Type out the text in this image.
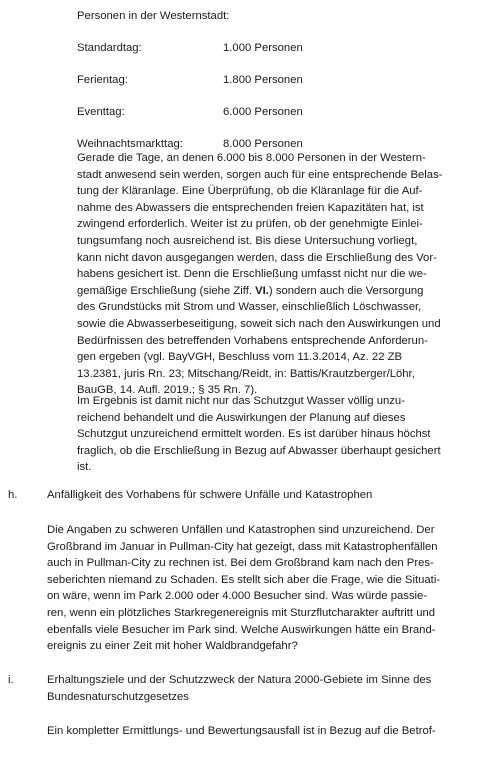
Personen in der Westernstadt:
Standardtag:	1.000 Personen
Ferientag:	1.800 Personen
Eventtag:	6.000 Personen
Weihnachtsmarkttag:	8.000 Personen
Gerade die Tage, an denen 6.000 bis 8.000 Personen in der Western-
stadt anwesend sein werden, sorgen auch für eine entsprechende Belas-
tung der Kläranlage. Eine Überprüfung, ob die Kläranlage für die Auf-
nahme des Abwassers die entsprechenden freien Kapazitäten hat, ist
zwingend erforderlich. Weiter ist zu prüfen, ob der genehmigte Einlei-
tungsumfang noch ausreichend ist. Bis diese Untersuchung vorliegt,
kann nicht davon ausgegangen werden, dass die Erschließung des Vor-
habens gesichert ist. Denn die Erschließung umfasst nicht nur die we-
gemäßige Erschließung (siehe Ziff. VI.) sondern auch die Versorgung
des Grundstücks mit Strom und Wasser, einschließlich Löschwasser,
sowie die Abwasserbeseitigung, soweit sich nach den Auswirkungen und
Bedürfnissen des betreffenden Vorhabens entsprechende Anforderun-
gen ergeben (vgl. BayVGH, Beschluss vom 11.3.2014, Az. 22 ZB
13.2381, juris Rn. 23; Mitschang/Reidt, in: Battis/Krautzberger/Löhr,
BauGB, 14. Aufl. 2019.; § 35 Rn. 7).
Im Ergebnis ist damit nicht nur das Schutzgut Wasser völlig unzu-
reichend behandelt und die Auswirkungen der Planung auf dieses
Schutzgut unzureichend ermittelt worden. Es ist darüber hinaus höchst
fraglich, ob die Erschließung in Bezug auf Abwasser überhaupt gesichert
ist.
h.	Anfälligkeit des Vorhabens für schwere Unfälle und Katastrophen
Die Angaben zu schweren Unfällen und Katastrophen sind unzureichend. Der
Großbrand im Januar in Pullman-City hat gezeigt, dass mit Katastrophenfällen
auch in Pullman-City zu rechnen ist. Bei dem Großbrand kam nach den Pres-
seberichten niemand zu Schaden. Es stellt sich aber die Frage, wie die Situati-
on wäre, wenn im Park 2.000 oder 4.000 Besucher sind. Was würde passie-
ren, wenn ein plötzliches Starkregenereignis mit Sturzflutcharakter auftritt und
ebenfalls viele Besucher im Park sind. Welche Auswirkungen hätte ein Brand-
ereignis zu einer Zeit mit hoher Waldbrandgefahr?
i.	Erhaltungsziele und der Schutzzweck der Natura 2000-Gebiete im Sinne des
Bundesnaturschutzgesetzes
Ein kompletter Ermittlungs- und Bewertungsausfall ist in Bezug auf die Betrof-
